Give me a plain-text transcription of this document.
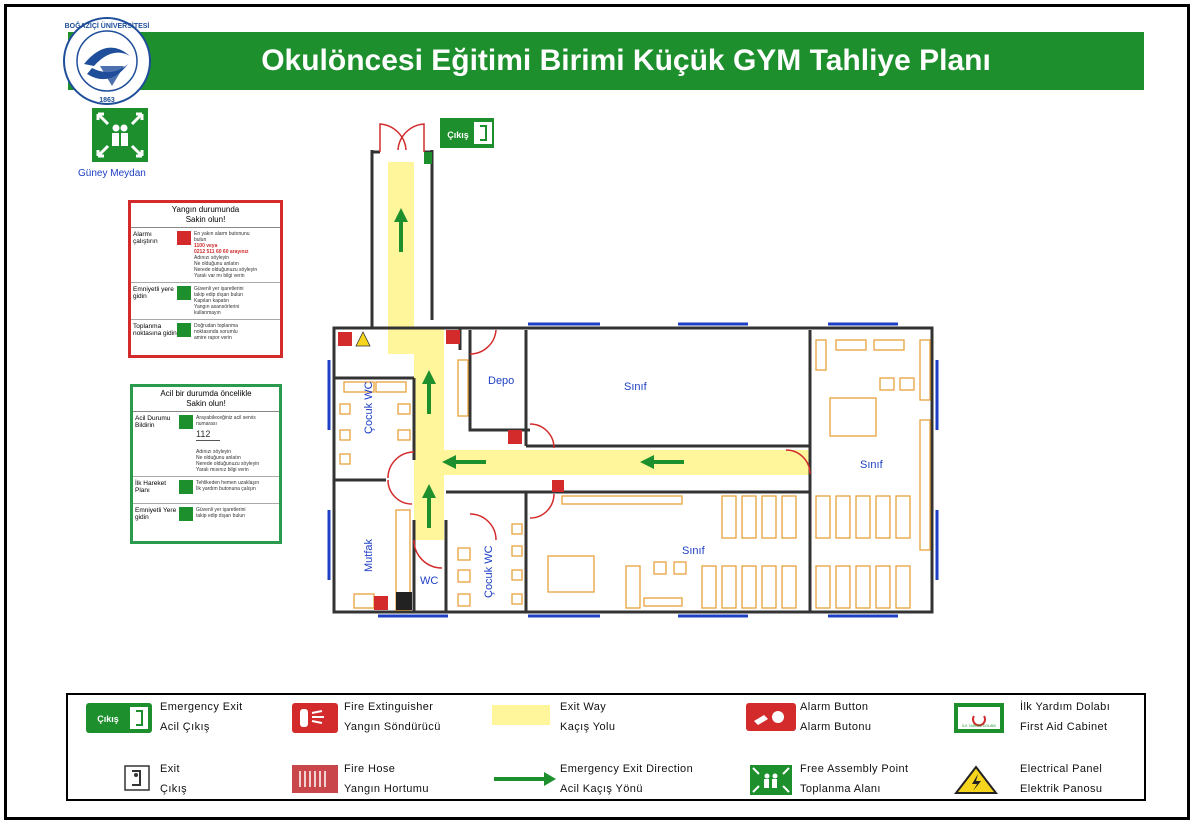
Okulöncesi Eğitimi Birimi Küçük GYM Tahliye Planı
BOĞAZİÇİ ÜNİVERSİTESİ
1863
Güney Meydan
Yangın durumunda
Sakin olun!
Alarmı çalıştırın
En yakın alarm butonunu
bulun
1100 veya
0212 511 60 60 arayınız
Adınızı söyleyin
Ne olduğunu anlatın
Nerede olduğunuzu söyleyin
Yaralı var mı bilgi verin
Emniyetli yere gidin
Güvenli yer işaretlerini
takip edip dışarı bulun
Kapıları kapatın
Yangın asansörlerini
kullanmayın
Toplanma noktasına gidin
Doğrudan toplanma
noktasında sorumlu
amire rapor verin
Acil bir durumda öncelikle
Sakin olun!
Acil Durumu Bildirin
Arayabileceğiniz acil servis
numarası
112
Adınızı söyleyin
Ne olduğunu anlatın
Nerede olduğunuzu söyleyin
Yaralı mısınız bilgi verin
İlk Hareket Planı
Tehlikeden hemen uzaklaşın
İlk yardım butonuna çalışın
Emniyetli Yere gidin
Güvenli yer işaretlerini
takip edip dışarı bulun
Çıkış
Depo	Sınıf
Sınıf
Sınıf
WC
Çocuk WC
Çocuk WC
Mutfak
Çıkış
Emergency Exit
Acil Çıkış
Fire Extinguisher
Yangın Söndürücü
Exit Way
Kaçış Yolu
Alarm Button
Alarm Butonu	İLK YARDIM DOLABI
İlk Yardım Dolabı
First Aid Cabinet
Exit
Çıkış
Fire Hose
Yangın Hortumu
Emergency Exit Direction
Acil Kaçış Yönü
Free Assembly Point
Toplanma Alanı
Electrical Panel
Elektrik Panosu
